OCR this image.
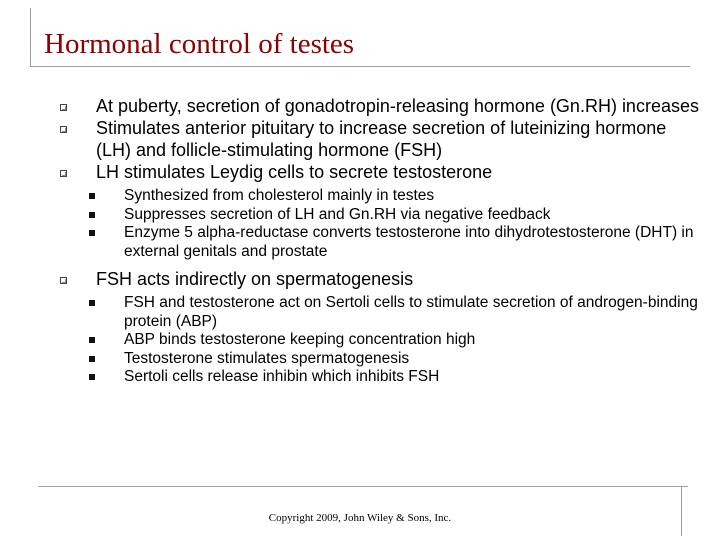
Hormonal control of testes
At puberty, secretion of gonadotropin-releasing hormone (Gn.RH) increases
Stimulates anterior pituitary to increase secretion of luteinizing hormone (LH) and follicle-stimulating hormone (FSH)
LH stimulates Leydig cells to secrete testosterone
Synthesized from cholesterol mainly in testes
Suppresses secretion of LH and Gn.RH via negative feedback
Enzyme 5 alpha-reductase converts testosterone into dihydrotestosterone (DHT) in external genitals and prostate
FSH acts indirectly on spermatogenesis
FSH and testosterone act on Sertoli cells to stimulate secretion of androgen-binding protein (ABP)
ABP binds testosterone keeping concentration high
Testosterone stimulates spermatogenesis
Sertoli cells release inhibin which inhibits FSH
Copyright 2009, John Wiley & Sons, Inc.
